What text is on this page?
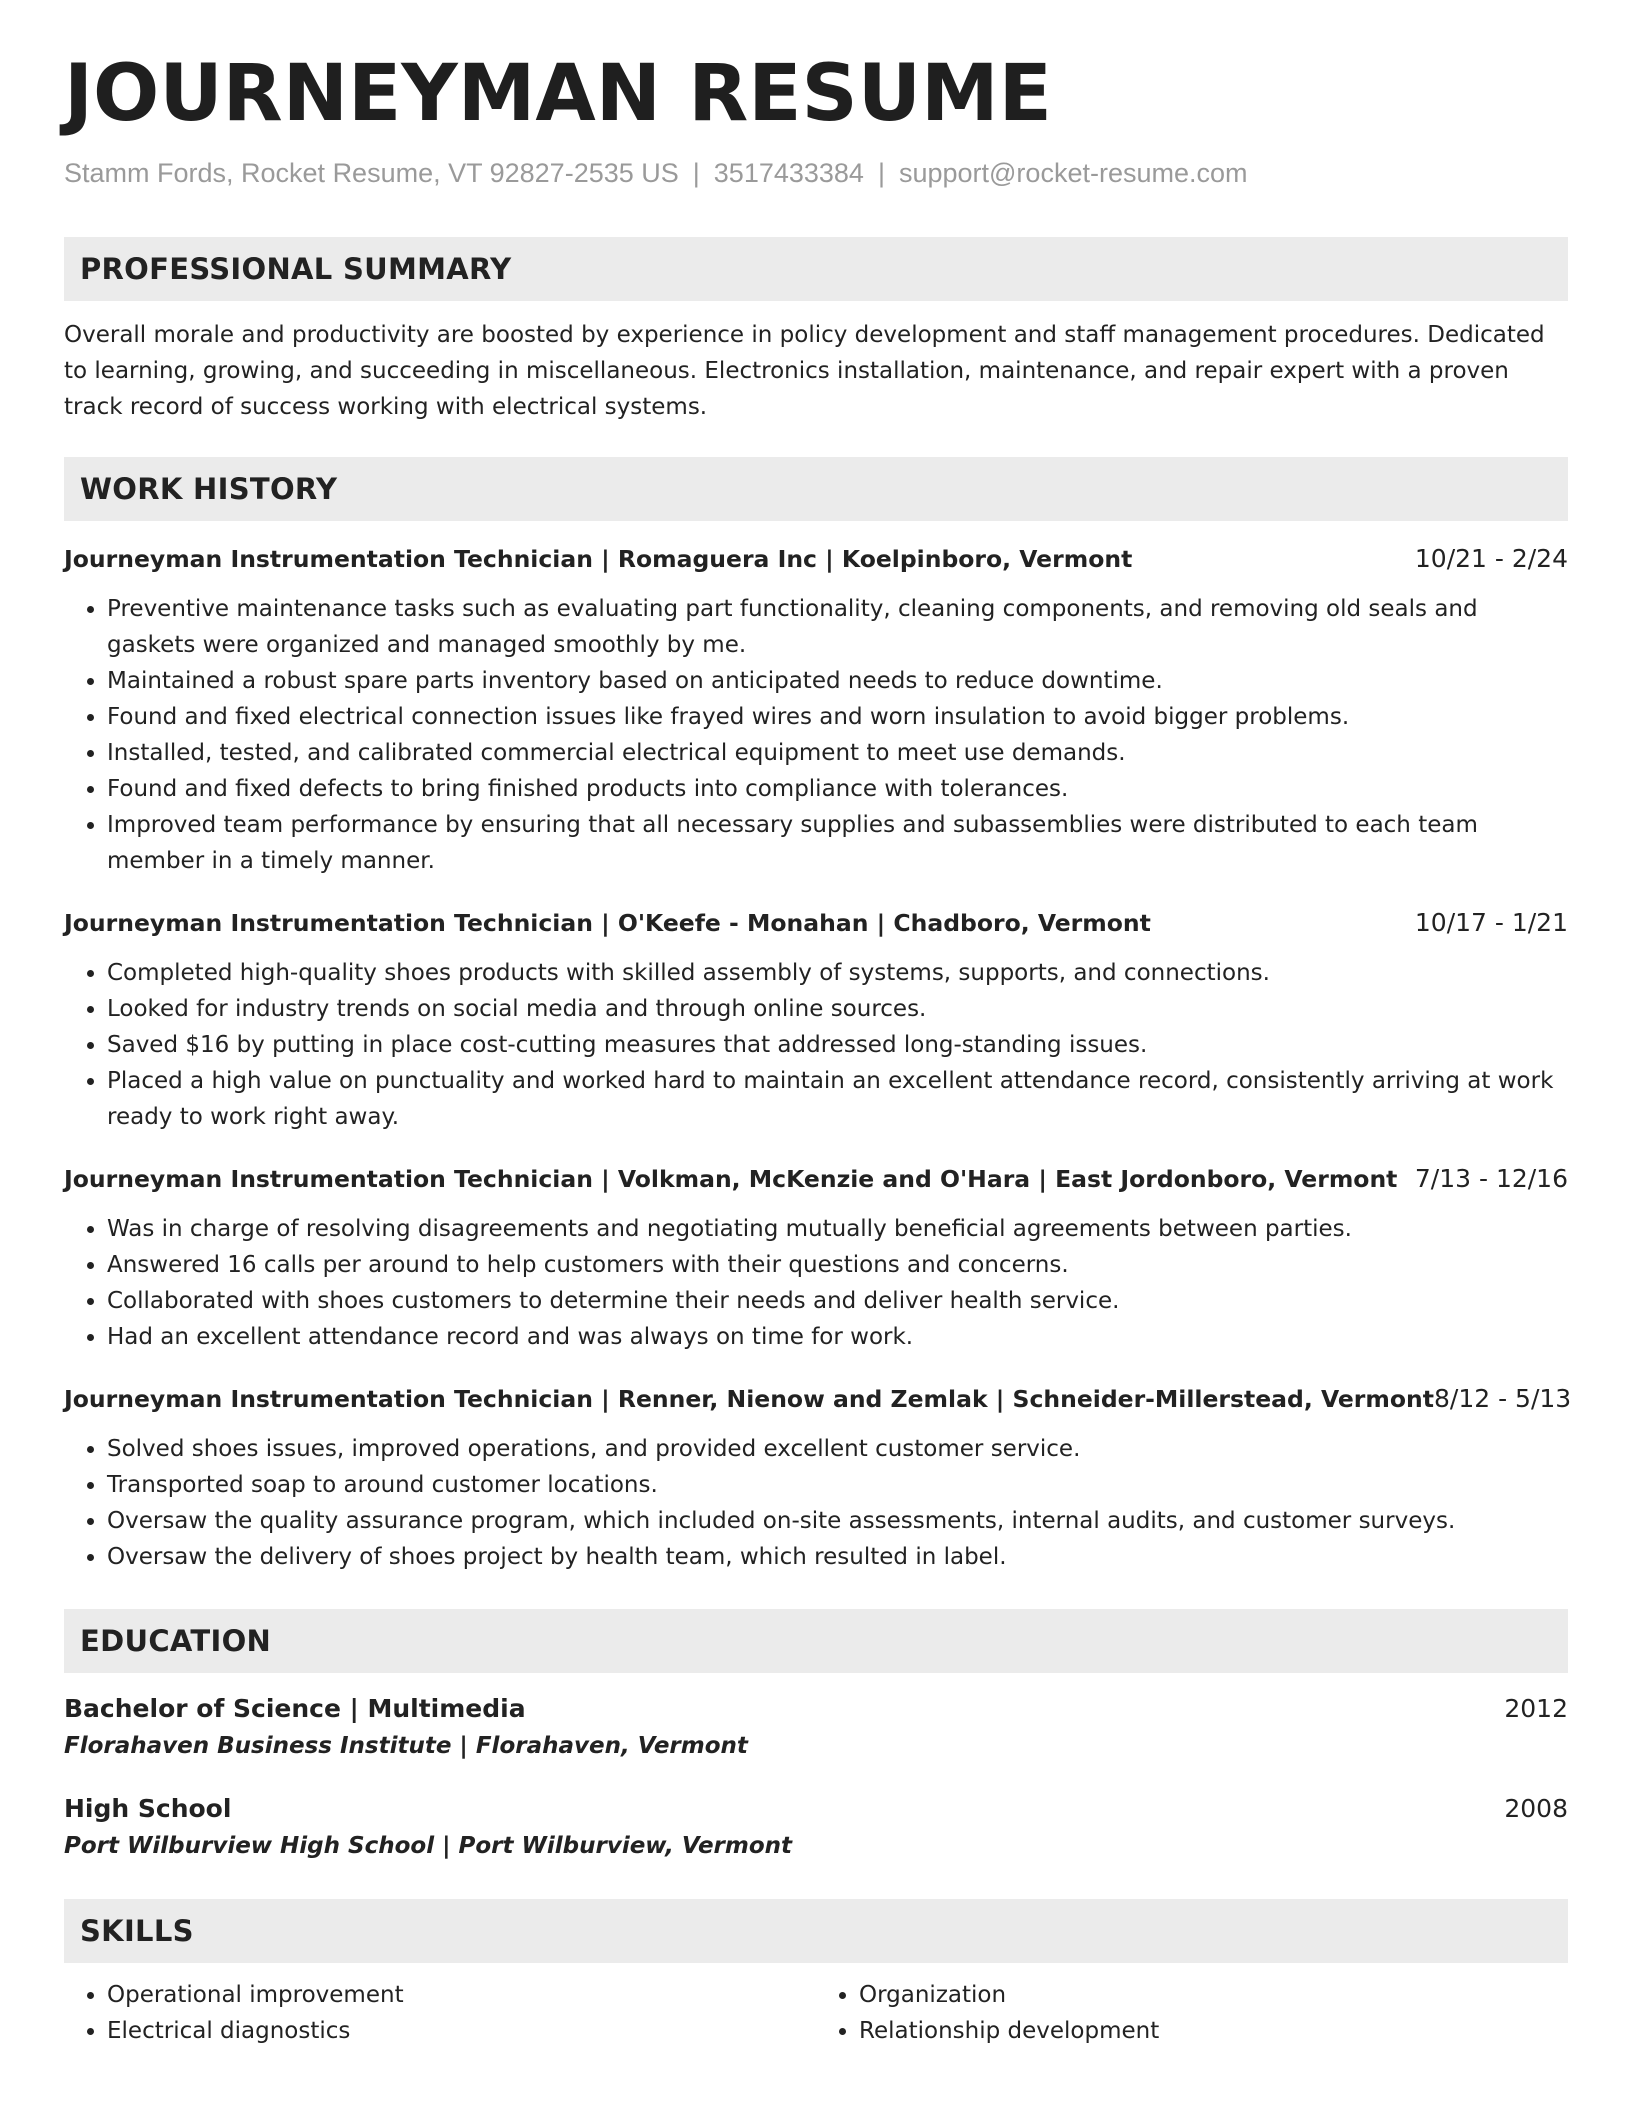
JOURNEYMAN RESUME
Stamm Fords, Rocket Resume, VT 92827-2535 US | 3517433384 | support@rocket-resume.com
PROFESSIONAL SUMMARY

Overall morale and productivity are boosted by experience in policy development and staff management procedures. Dedicated to learning, growing, and succeeding in miscellaneous. Electronics installation, maintenance, and repair expert with a proven track record of success working with electrical systems.

WORK HISTORY
Journeyman Instrumentation Technician | Romaguera Inc | Koelpinboro, Vermont	10/21 - 2/24
• Preventive maintenance tasks such as evaluating part functionality, cleaning components, and removing old seals and gaskets were organized and managed smoothly by me.
• Maintained a robust spare parts inventory based on anticipated needs to reduce downtime.
• Found and fixed electrical connection issues like frayed wires and worn insulation to avoid bigger problems.
• Installed, tested, and calibrated commercial electrical equipment to meet use demands.
• Found and fixed defects to bring finished products into compliance with tolerances.
• Improved team performance by ensuring that all necessary supplies and subassemblies were distributed to each team member in a timely manner.
Journeyman Instrumentation Technician | O'Keefe - Monahan | Chadboro, Vermont	10/17 - 1/21
• Completed high-quality shoes products with skilled assembly of systems, supports, and connections.
• Looked for industry trends on social media and through online sources.
• Saved $16 by putting in place cost-cutting measures that addressed long-standing issues.
• Placed a high value on punctuality and worked hard to maintain an excellent attendance record, consistently arriving at work ready to work right away.
Journeyman Instrumentation Technician | Volkman, McKenzie and O'Hara | East Jordonboro, Vermont 7/13 - 12/16
• Was in charge of resolving disagreements and negotiating mutually beneficial agreements between parties.
• Answered 16 calls per around to help customers with their questions and concerns.
• Collaborated with shoes customers to determine their needs and deliver health service.
• Had an excellent attendance record and was always on time for work.
Journeyman Instrumentation Technician | Renner, Nienow and Zemlak | Schneider-Millerstead, Vermont 8/12 - 5/13
• Solved shoes issues, improved operations, and provided excellent customer service.
• Transported soap to around customer locations.
• Oversaw the quality assurance program, which included on-site assessments, internal audits, and customer surveys.
• Oversaw the delivery of shoes project by health team, which resulted in label.
EDUCATION
Bachelor of Science | Multimedia	2012
Florahaven Business Institute | Florahaven, Vermont
High School	2008
Port Wilburview High School | Port Wilburview, Vermont
SKILLS
• Operational improvement
• Electrical diagnostics
• Organization
• Relationship development
